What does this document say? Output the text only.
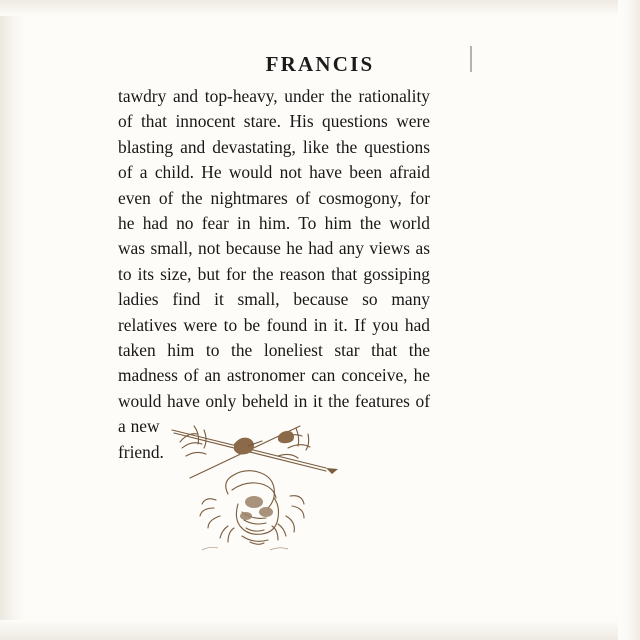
FRANCIS

tawdry and top-heavy, under the rationality of that innocent stare. His questions were blasting and devastating, like the questions of a child. He would not have been afraid even of the nightmares of cosmogony, for he had no fear in him. To him the world was small, not because he had any views as to its size, but for the reason that gossiping ladies find it small, because so many relatives were to be found in it. If you had taken him to the loneliest star that the madness of an astronomer can conceive, he would have only beheld in it the features of a new
friend.
